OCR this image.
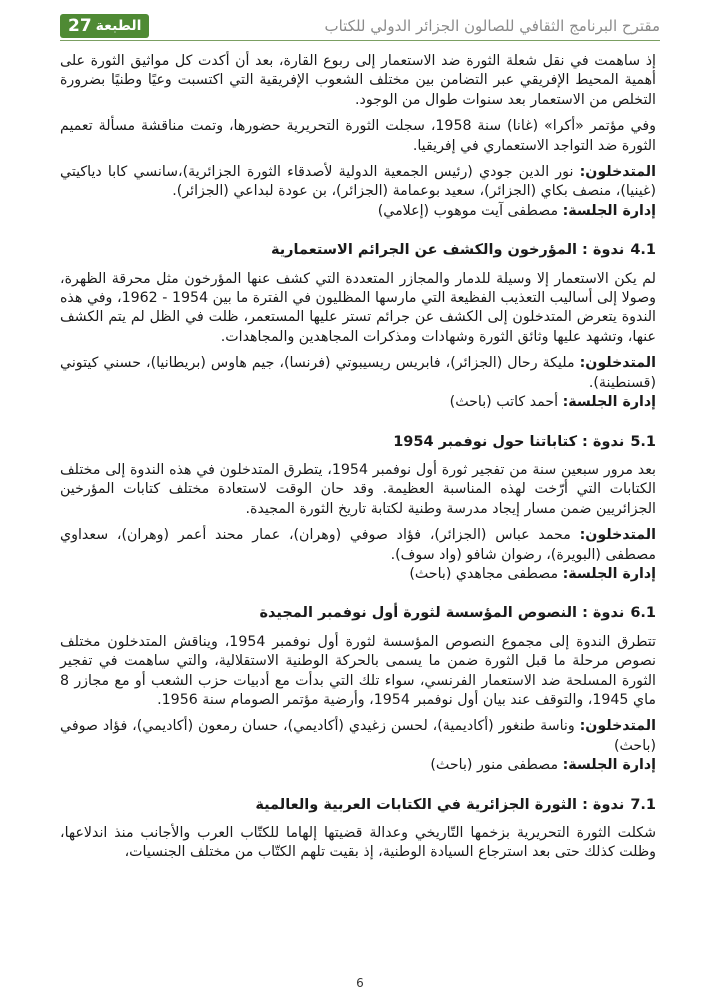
مقترح البرنامج الثقافي للصالون الجزائر الدولي للكتاب
الطبعة
27

إذ ساهمت في نقل شعلة الثورة ضد الاستعمار إلى ربوع القارة، بعد أن أكدت كل مواثيق الثورة على أهمية المحيط الإفريقي عبر التضامن بين مختلف الشعوب الإفريقية التي اكتسبت وعيًا وطنيًا بضرورة التخلص من الاستعمار بعد سنوات طوال من الوجود.

وفي مؤتمر «أكرا» (غانا) سنة 1958، سجلت الثورة التحريرية حضورها، وتمت مناقشة مسألة تعميم الثورة ضد التواجد الاستعماري في إفريقيا.

المتدخلون: نور الدين جودي (رئيس الجمعية الدولية لأصدقاء الثورة الجزائرية)،سانسي كابا دياكيتي (غينيا)، منصف بكاي (الجزائر)، سعيد بوعمامة (الجزائر)، بن عودة لبداعي (الجزائر).

إدارة الجلسة: مصطفى آيت موهوب (إعلامي)

4.1
ندوة : المؤرخون والكشف عن الجرائم الاستعمارية

لم يكن الاستعمار إلا وسيلة للدمار والمجازر المتعددة التي كشف عنها المؤرخون مثل محرقة الظهرة، وصولا إلى أساليب التعذيب الفظيعة التي مارسها المظليون في الفترة ما بين 1954 - 1962، وفي هذه الندوة يتعرض المتدخلون إلى الكشف عن جرائم تستر عليها المستعمر، ظلت في الظل لم يتم الكشف عنها، وتشهد عليها وثائق الثورة وشهادات ومذكرات المجاهدين والمجاهدات.

المتدخلون: مليكة رحال (الجزائر)، فابريس ريسيبوتي (فرنسا)، جيم هاوس (بريطانيا)، حسني كيتوني (قسنطينة).

إدارة الجلسة: أحمد كاتب (باحث)

5.1
ندوة : كتاباتنا حول نوفمبر 1954

بعد مرور سبعين سنة من تفجير ثورة أول نوفمبر 1954، يتطرق المتدخلون في هذه الندوة إلى مختلف الكتابات التي أرّخت لهذه المناسبة العظيمة. وقد حان الوقت لاستعادة مختلف كتابات المؤرخين الجزائريين ضمن مسار إيجاد مدرسة وطنية لكتابة تاريخ الثورة المجيدة.

المتدخلون: محمد عباس (الجزائر)، فؤاد صوفي (وهران)، عمار محند أعمر (وهران)، سعداوي مصطفى (البويرة)، رضوان شافو (واد سوف).

إدارة الجلسة: مصطفى مجاهدي (باحث)

6.1
ندوة : النصوص المؤسسة لثورة أول نوفمبر المجيدة

تتطرق الندوة إلى مجموع النصوص المؤسسة لثورة أول نوفمبر 1954، ويناقش المتدخلون مختلف نصوص مرحلة ما قبل الثورة ضمن ما يسمى بالحركة الوطنية الاستقلالية، والتي ساهمت في تفجير الثورة المسلحة ضد الاستعمار الفرنسي، سواء تلك التي بدأت مع أدبيات حزب الشعب أو مع مجازر 8 ماي 1945، والتوقف عند بيان أول نوفمبر 1954، وأرضية مؤتمر الصومام سنة 1956.

المتدخلون: وناسة طنغور (أكاديمية)، لحسن زغيدي (أكاديمي)، حسان رمعون (أكاديمي)، فؤاد صوفي (باحث)

إدارة الجلسة: مصطفى منور (باحث)

7.1
ندوة : الثورة الجزائرية في الكتابات العربية والعالمية

شكلت الثورة التحريرية بزخمها التّاريخي وعدالة قضيتها إلهاما للكتّاب العرب والأجانب منذ اندلاعها، وظلت كذلك حتى بعد استرجاع السيادة الوطنية، إذ بقيت تلهم الكتّاب من مختلف الجنسيات،

6
